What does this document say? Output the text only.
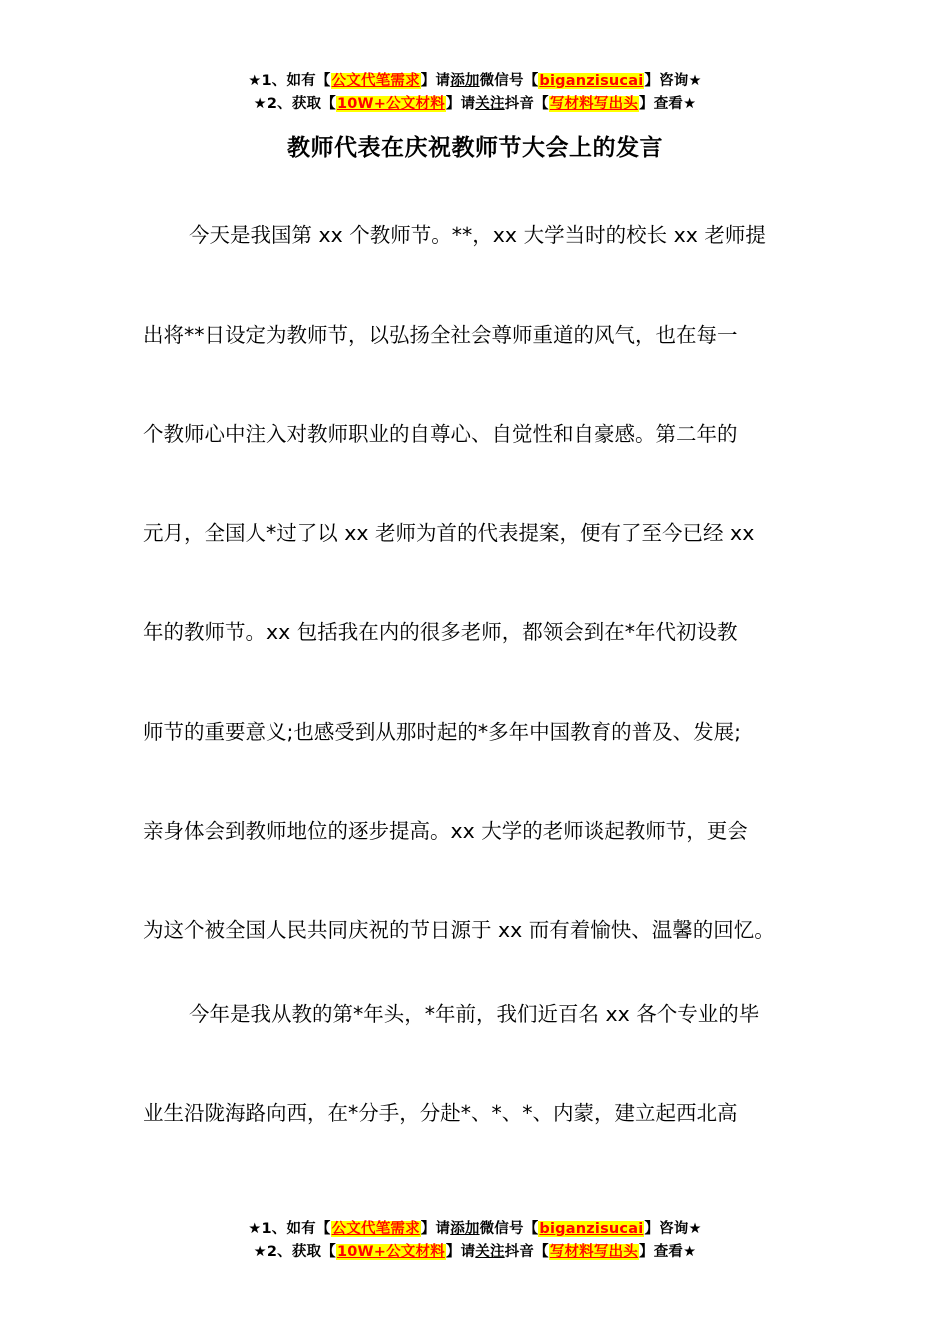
★1、如有【公文代笔需求】请添加微信号【biganzisucai】咨询★
★2、获取【10W+公文材料】请关注抖音【写材料写出头】查看★
教师代表在庆祝教师节大会上的发言
今天是我国第 xx 个教师节。**，xx 大学当时的校长 xx 老师提
出将**日设定为教师节，以弘扬全社会尊师重道的风气，也在每一
个教师心中注入对教师职业的自尊心、自觉性和自豪感。第二年的
元月，全国人*过了以 xx 老师为首的代表提案，便有了至今已经 xx
年的教师节。xx 包括我在内的很多老师，都领会到在*年代初设教
师节的重要意义;也感受到从那时起的*多年中国教育的普及、发展;
亲身体会到教师地位的逐步提高。xx 大学的老师谈起教师节，更会
为这个被全国人民共同庆祝的节日源于 xx 而有着愉快、温馨的回忆。
今年是我从教的第*年头，*年前，我们近百名 xx 各个专业的毕
业生沿陇海路向西，在*分手，分赴*、*、*、内蒙，建立起西北高
★1、如有【公文代笔需求】请添加微信号【biganzisucai】咨询★
★2、获取【10W+公文材料】请关注抖音【写材料写出头】查看★
